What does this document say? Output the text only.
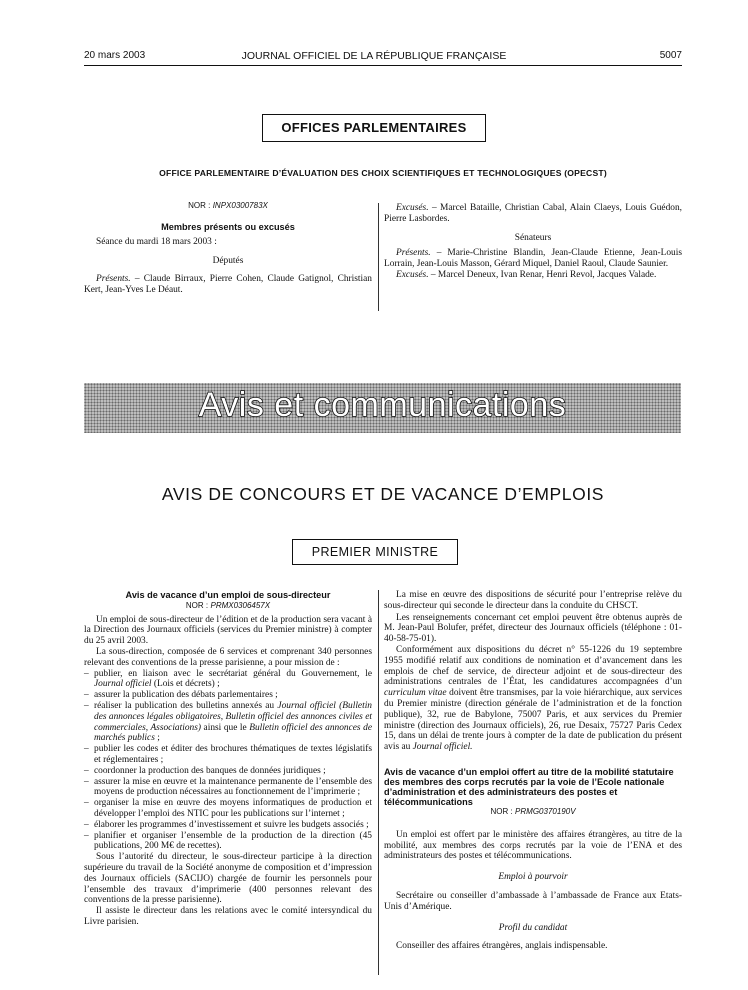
20 mars 2003	JOURNAL OFFICIEL DE LA RÉPUBLIQUE FRANÇAISE	5007
OFFICES PARLEMENTAIRES
OFFICE PARLEMENTAIRE D’ÉVALUATION DES CHOIX SCIENTIFIQUES ET TECHNOLOGIQUES (OPECST)

NOR : INPX0300783X

Membres présents ou excusés

Séance du mardi 18 mars 2003 :

Députés

Présents. – Claude Birraux, Pierre Cohen, Claude Gatignol, Christian Kert, Jean-Yves Le Déaut.

Excusés. – Marcel Bataille, Christian Cabal, Alain Claeys, Louis Guédon, Pierre Lasbordes.

Sénateurs

Présents. – Marie-Christine Blandin, Jean-Claude Etienne, Jean-Louis Lorrain, Jean-Louis Masson, Gérard Miquel, Daniel Raoul, Claude Saunier.

Excusés. – Marcel Deneux, Ivan Renar, Henri Revol, Jacques Valade.

Avis et communications
AVIS DE CONCOURS ET DE VACANCE D’EMPLOIS
PREMIER MINISTRE

Avis de vacance d’un emploi de sous-directeur

NOR : PRMX0306457X

Un emploi de sous-directeur de l’édition et de la production sera vacant à la Direction des Journaux officiels (services du Premier ministre) à compter du 25 avril 2003.

La sous-direction, composée de 6 services et comprenant 340 personnes relevant des conventions de la presse parisienne, a pour mission de :

– publier, en liaison avec le secrétariat général du Gouvernement, le Journal officiel (Lois et décrets) ;
– assurer la publication des débats parlementaires ;
– réaliser la publication des bulletins annexés au Journal officiel (Bulletin des annonces légales obligatoires, Bulletin officiel des annonces civiles et commerciales, Associations) ainsi que le Bulletin officiel des annonces de marchés publics ;
– publier les codes et éditer des brochures thématiques de textes législatifs et réglementaires ;
– coordonner la production des banques de données juridiques ;
– assurer la mise en œuvre et la maintenance permanente de l’ensemble des moyens de production nécessaires au fonctionnement de l’imprimerie ;
– organiser la mise en œuvre des moyens informatiques de production et développer l’emploi des NTIC pour les publications sur l’internet ;
– élaborer les programmes d’investissement et suivre les budgets associés ;
– planifier et organiser l’ensemble de la production de la direction (45 publications, 200 M€ de recettes).

Sous l’autorité du directeur, le sous-directeur participe à la direction supérieure du travail de la Société anonyme de composition et d’impression des Journaux officiels (SACIJO) chargée de fournir les personnels pour l’ensemble des travaux d’imprimerie (400 personnes relevant des conventions de la presse parisienne).

Il assiste le directeur dans les relations avec le comité intersyndical du Livre parisien.

La mise en œuvre des dispositions de sécurité pour l’entreprise relève du sous-directeur qui seconde le directeur dans la conduite du CHSCT.

Les renseignements concernant cet emploi peuvent être obtenus auprès de M. Jean-Paul Bolufer, préfet, directeur des Journaux officiels (téléphone : 01-40-58-75-01).

Conformément aux dispositions du décret n° 55-1226 du 19 septembre 1955 modifié relatif aux conditions de nomination et d’avancement dans les emplois de chef de service, de directeur adjoint et de sous-directeur des administrations centrales de l’État, les candidatures accompagnées d’un curriculum vitae doivent être transmises, par la voie hiérarchique, aux services du Premier ministre (direction générale de l’administration et de la fonction publique), 32, rue de Babylone, 75007 Paris, et aux services du Premier ministre (direction des Journaux officiels), 26, rue Desaix, 75727 Paris Cedex 15, dans un délai de trente jours à compter de la date de publication du présent avis au Journal officiel.

Avis de vacance d’un emploi offert au titre de la mobilité statutaire des membres des corps recrutés par la voie de l’Ecole nationale d’administration et des administrateurs des postes et télécommunications

NOR : PRMG0370190V

Un emploi est offert par le ministère des affaires étrangères, au titre de la mobilité, aux membres des corps recrutés par la voie de l’ENA et des administrateurs des postes et télécommunications.

Emploi à pourvoir

Secrétaire ou conseiller d’ambassade à l’ambassade de France aux Etats-Unis d’Amérique.

Profil du candidat

Conseiller des affaires étrangères, anglais indispensable.
